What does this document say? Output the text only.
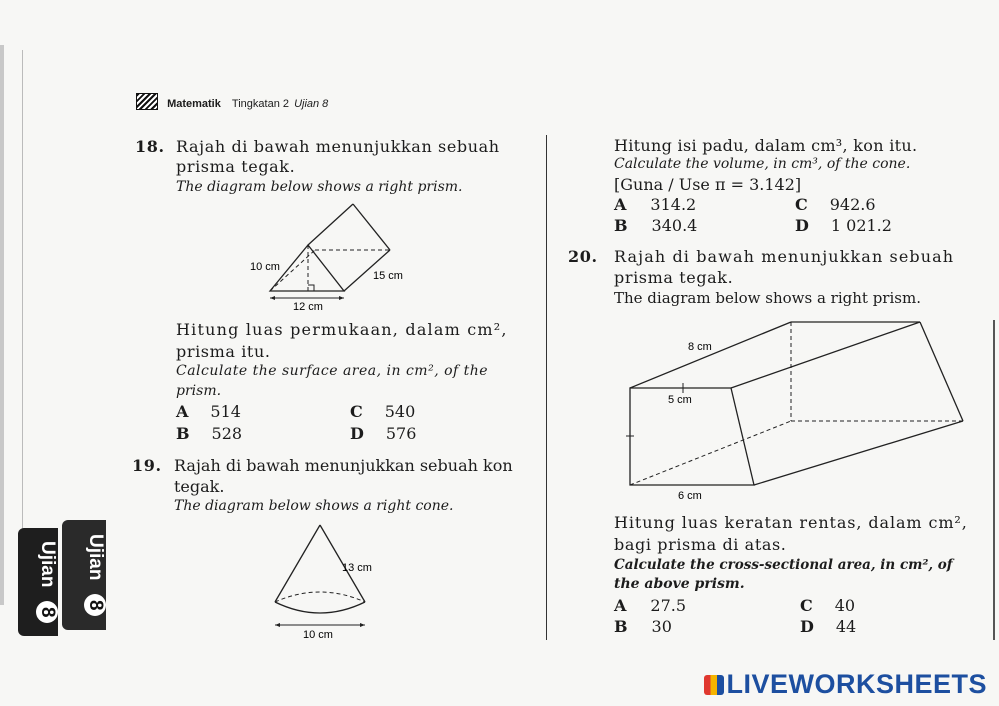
Ujian 8
Ujian 8
Matematik Tingkatan 2 Ujian 8
18. Rajah di bawah menunjukkan sebuah
prisma tegak.
The diagram below shows a right prism.
10 cm
15 cm
12 cm
Hitung luas permukaan, dalam cm²,
prisma itu.
Calculate the surface area, in cm², of the
prism.
A 514	C 540
B 528	D 576
19. Rajah di bawah menunjukkan sebuah kon
tegak.
The diagram below shows a right cone.
13 cm
10 cm
Hitung isi padu, dalam cm³, kon itu.
Calculate the volume, in cm³, of the cone.
[Guna / Use π = 3.142]
A 314.2	C 942.6
B 340.4	D 1 021.2
20. Rajah di bawah menunjukkan sebuah
prisma tegak.
The diagram below shows a right prism.
8 cm
5 cm
6 cm
Hitung luas keratan rentas, dalam cm²,
bagi prisma di atas.
Calculate the cross-sectional area, in cm², of
the above prism.
A 27.5	C 40
B 30	D 44
LIVEWORKSHEETS
